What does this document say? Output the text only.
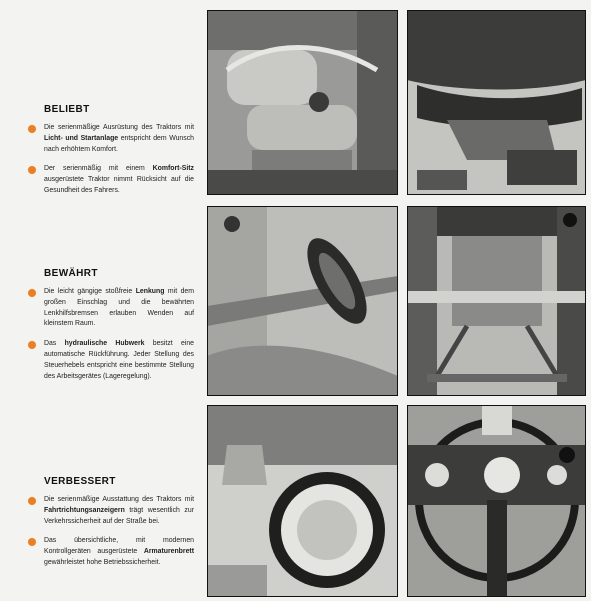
BELIEBT

Die serienmäßige Ausrüstung des Traktors mit Licht- und Startanlage entspricht dem Wunsch nach erhöhtem Komfort.

Der serienmäßig mit einem Komfort-Sitz ausgerüstete Traktor nimmt Rücksicht auf die Gesundheit des Fahrers.

BEWÄHRT

Die leicht gängige stoßfreie Lenkung mit dem großen Einschlag und die bewährten Lenkhilfsbremsen erlauben Wenden auf kleinstem Raum.

Das hydraulische Hubwerk besitzt eine automatische Rückführung. Jeder Stellung des Steuerhebels entspricht eine bestimmte Stellung des Arbeitsgerätes (Lageregelung).

VERBESSERT

Die serienmäßige Ausstattung des Traktors mit Fahrtrichtungsanzeigern trägt wesentlich zur Verkehrssicherheit auf der Straße bei.

Das übersichtliche, mit modernen Kontrollgeräten ausgerüstete Armaturenbrett gewährleistet hohe Betriebssicherheit.
